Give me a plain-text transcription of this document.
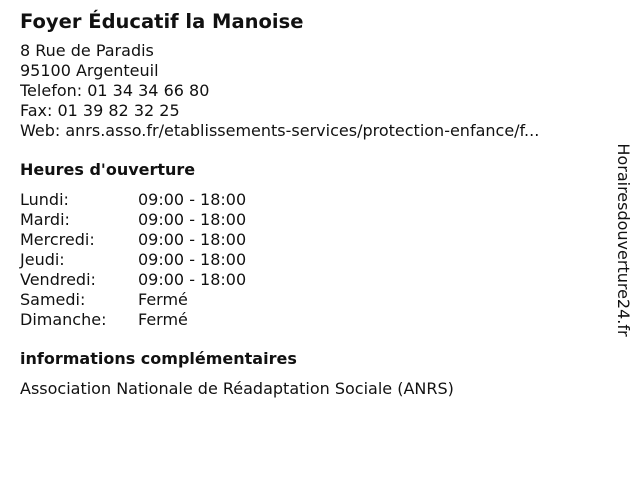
Foyer Éducatif la Manoise
8 Rue de Paradis
95100 Argenteuil
Telefon: 01 34 34 66 80
Fax: 01 39 82 32 25
Web: anrs.asso.fr/etablissements-services/protection-enfance/f...
Heures d'ouverture
Lundi:	09:00 - 18:00
Mardi:	09:00 - 18:00
Mercredi:	09:00 - 18:00
Jeudi:	09:00 - 18:00
Vendredi:	09:00 - 18:00
Samedi:	Fermé
Dimanche:	Fermé
informations complémentaires
Association Nationale de Réadaptation Sociale (ANRS)
Horairesdouverture24.fr
